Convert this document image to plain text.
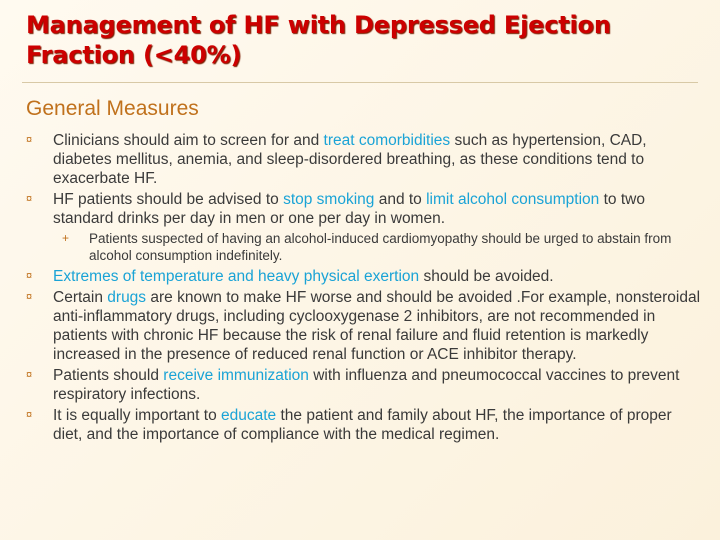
Management of HF with Depressed Ejection Fraction (<40%)
General Measures
¤	Clinicians should aim to screen for and treat comorbidities such as hypertension, CAD, diabetes mellitus, anemia, and sleep-disordered breathing, as these conditions tend to exacerbate HF.
¤	HF patients should be advised to stop smoking and to limit alcohol consumption to two standard drinks per day in men or one per day in women.
+ Patients suspected of having an alcohol-induced cardiomyopathy should be urged to abstain from alcohol consumption indefinitely.
¤	Extremes of temperature and heavy physical exertion should be avoided.
¤	Certain drugs are known to make HF worse and should be avoided .For example, nonsteroidal anti-inflammatory drugs, including cyclooxygenase 2 inhibitors, are not recommended in patients with chronic HF because the risk of renal failure and fluid retention is markedly increased in the presence of reduced renal function or ACE inhibitor therapy.
¤	Patients should receive immunization with influenza and pneumococcal vaccines to prevent respiratory infections.
¤	It is equally important to educate the patient and family about HF, the importance of proper diet, and the importance of compliance with the medical regimen.
